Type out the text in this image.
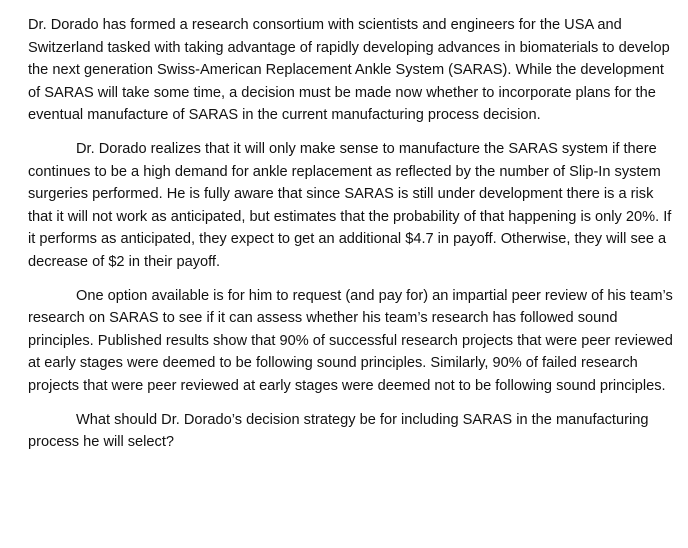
Dr. Dorado has formed a research consortium with scientists and engineers for the USA and Switzerland tasked with taking advantage of rapidly developing advances in biomaterials to develop the next generation Swiss-American Replacement Ankle System (SARAS). While the development of SARAS will take some time, a decision must be made now whether to incorporate plans for the eventual manufacture of SARAS in the current manufacturing process decision.

Dr. Dorado realizes that it will only make sense to manufacture the SARAS system if there continues to be a high demand for ankle replacement as reflected by the number of Slip-In system surgeries performed. He is fully aware that since SARAS is still under development there is a risk that it will not work as anticipated, but estimates that the probability of that happening is only 20%. If it performs as anticipated, they expect to get an additional $4.7 in payoff. Otherwise, they will see a decrease of $2 in their payoff.

One option available is for him to request (and pay for) an impartial peer review of his team’s research on SARAS to see if it can assess whether his team’s research has followed sound principles. Published results show that 90% of successful research projects that were peer reviewed at early stages were deemed to be following sound principles. Similarly, 90% of failed research projects that were peer reviewed at early stages were deemed not to be following sound principles.

What should Dr. Dorado’s decision strategy be for including SARAS in the manufacturing process he will select?
